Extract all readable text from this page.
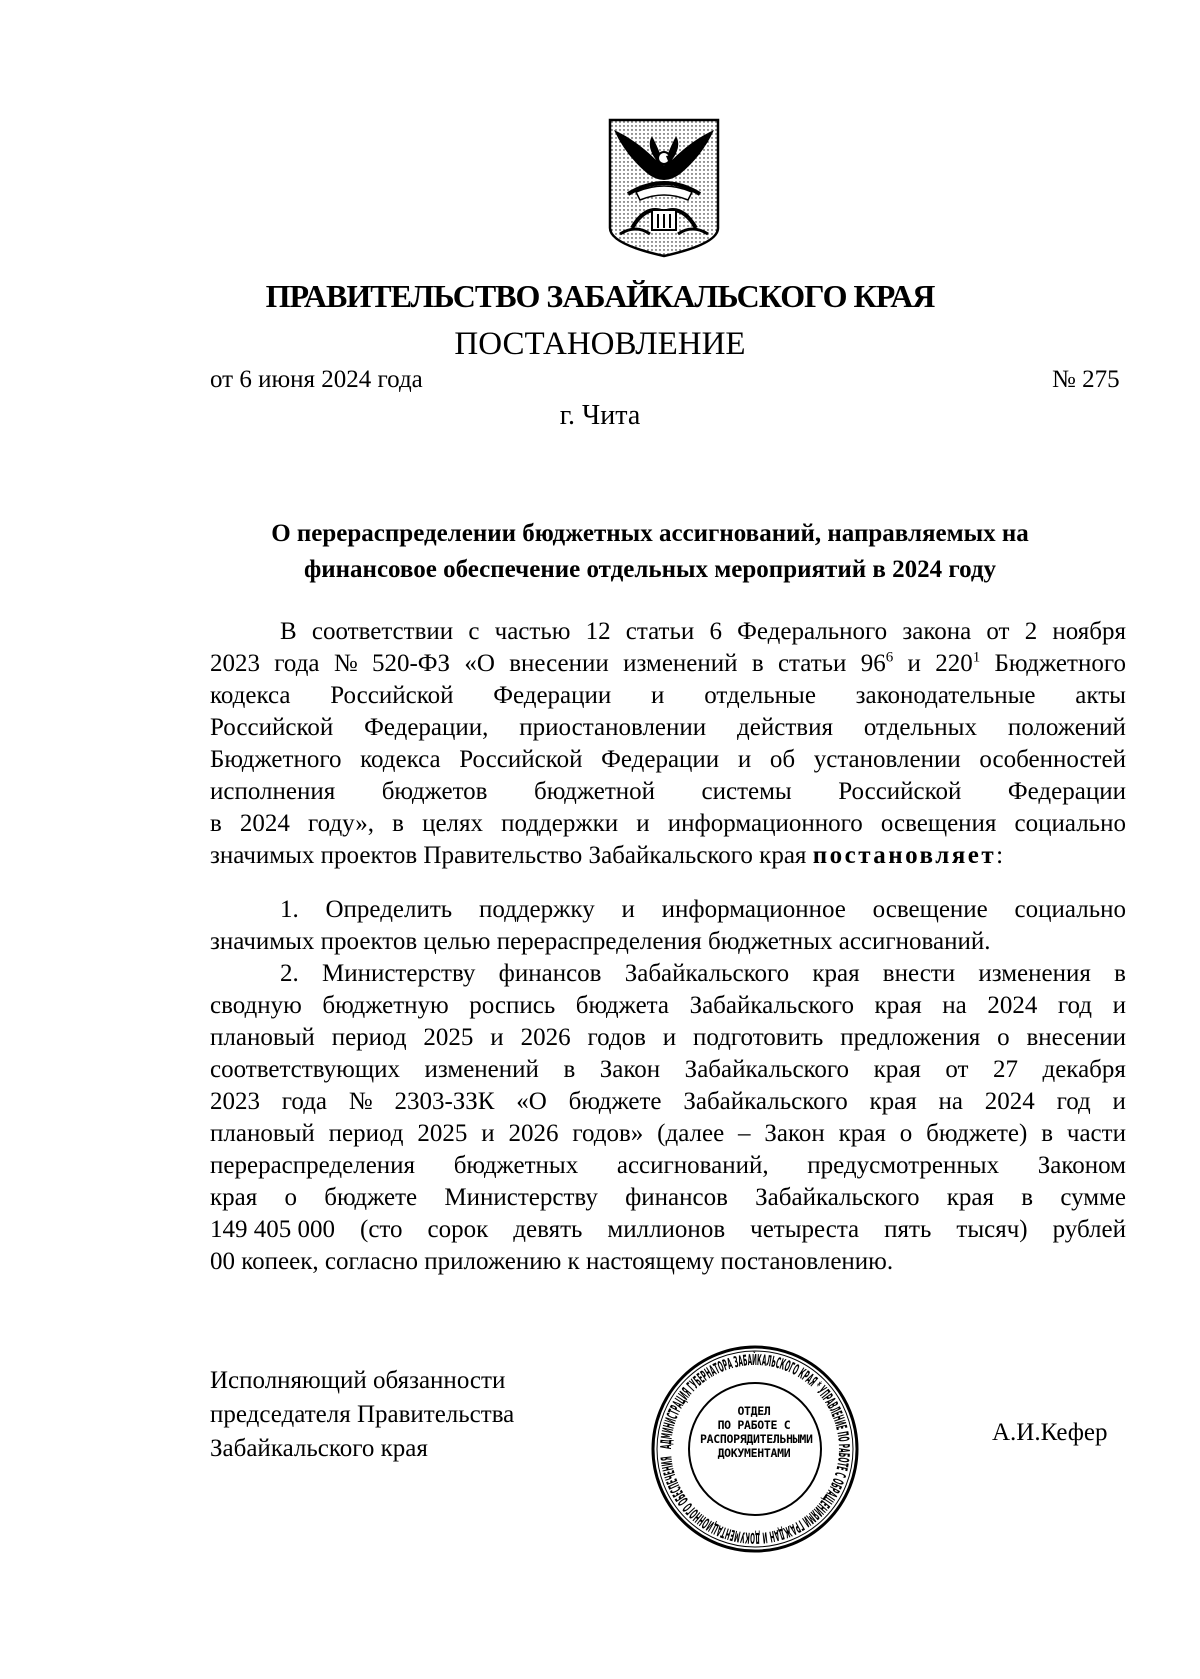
ПРАВИТЕЛЬСТВО ЗАБАЙКАЛЬСКОГО КРАЯ
ПОСТАНОВЛЕНИЕ
от 6 июня 2024 года	№ 275
г. Чита
О перераспределении бюджетных ассигнований, направляемых на
финансовое обеспечение отдельных мероприятий в 2024 году
В соответствии с частью 12 статьи 6 Федерального закона от 2 ноября
2023 года № 520-ФЗ «О внесении изменений в статьи $96^6$ и $220^1$ Бюджетного
кодекса Российской Федерации и отдельные законодательные акты
Российской Федерации, приостановлении действия отдельных положений
Бюджетного кодекса Российской Федерации и об установлении особенностей
исполнения бюджетов бюджетной системы Российской Федерации
в 2024 году», в целях поддержки и информационного освещения социально
значимых проектов Правительство Забайкальского края
постановляет :
1. Определить поддержку и информационное освещение социально
значимых проектов целью перераспределения бюджетных ассигнований.
2. Министерству финансов Забайкальского края внести изменения в
сводную бюджетную роспись бюджета Забайкальского края на 2024 год и
плановый период 2025 и 2026 годов и подготовить предложения о внесении
соответствующих изменений в Закон Забайкальского края от 27 декабря
2023 года № 2303-ЗЗК «О бюджете Забайкальского края на 2024 год и
плановый период 2025 и 2026 годов» (далее – Закон края о бюджете) в части
перераспределения бюджетных ассигнований, предусмотренных Законом
края о бюджете Министерству финансов Забайкальского края в сумме
149 405 000 (сто сорок девять миллионов четыреста пять тысяч) рублей
00 копеек, согласно приложению к настоящему постановлению.
Исполняющий обязанности
председателя Правительства
Забайкальского края	АДМИНИСТРАЦИЯ ГУБЕРНАТОРА ЗАБАЙКАЛЬСКОГО КРАЯ * УПРАВЛЕНИЕ ПО РАБОТЕ С ОБРАЩЕНИЯМИ ГРАЖДАН И ДОКУМЕНТАЦИОННОГО ОБЕСПЕЧЕНИЯ
ОТДЕЛ
ПО РАБОТЕ С
РАСПОРЯДИТЕЛЬНЫМИ
ДОКУМЕНТАМИ
А.И.Кефер
